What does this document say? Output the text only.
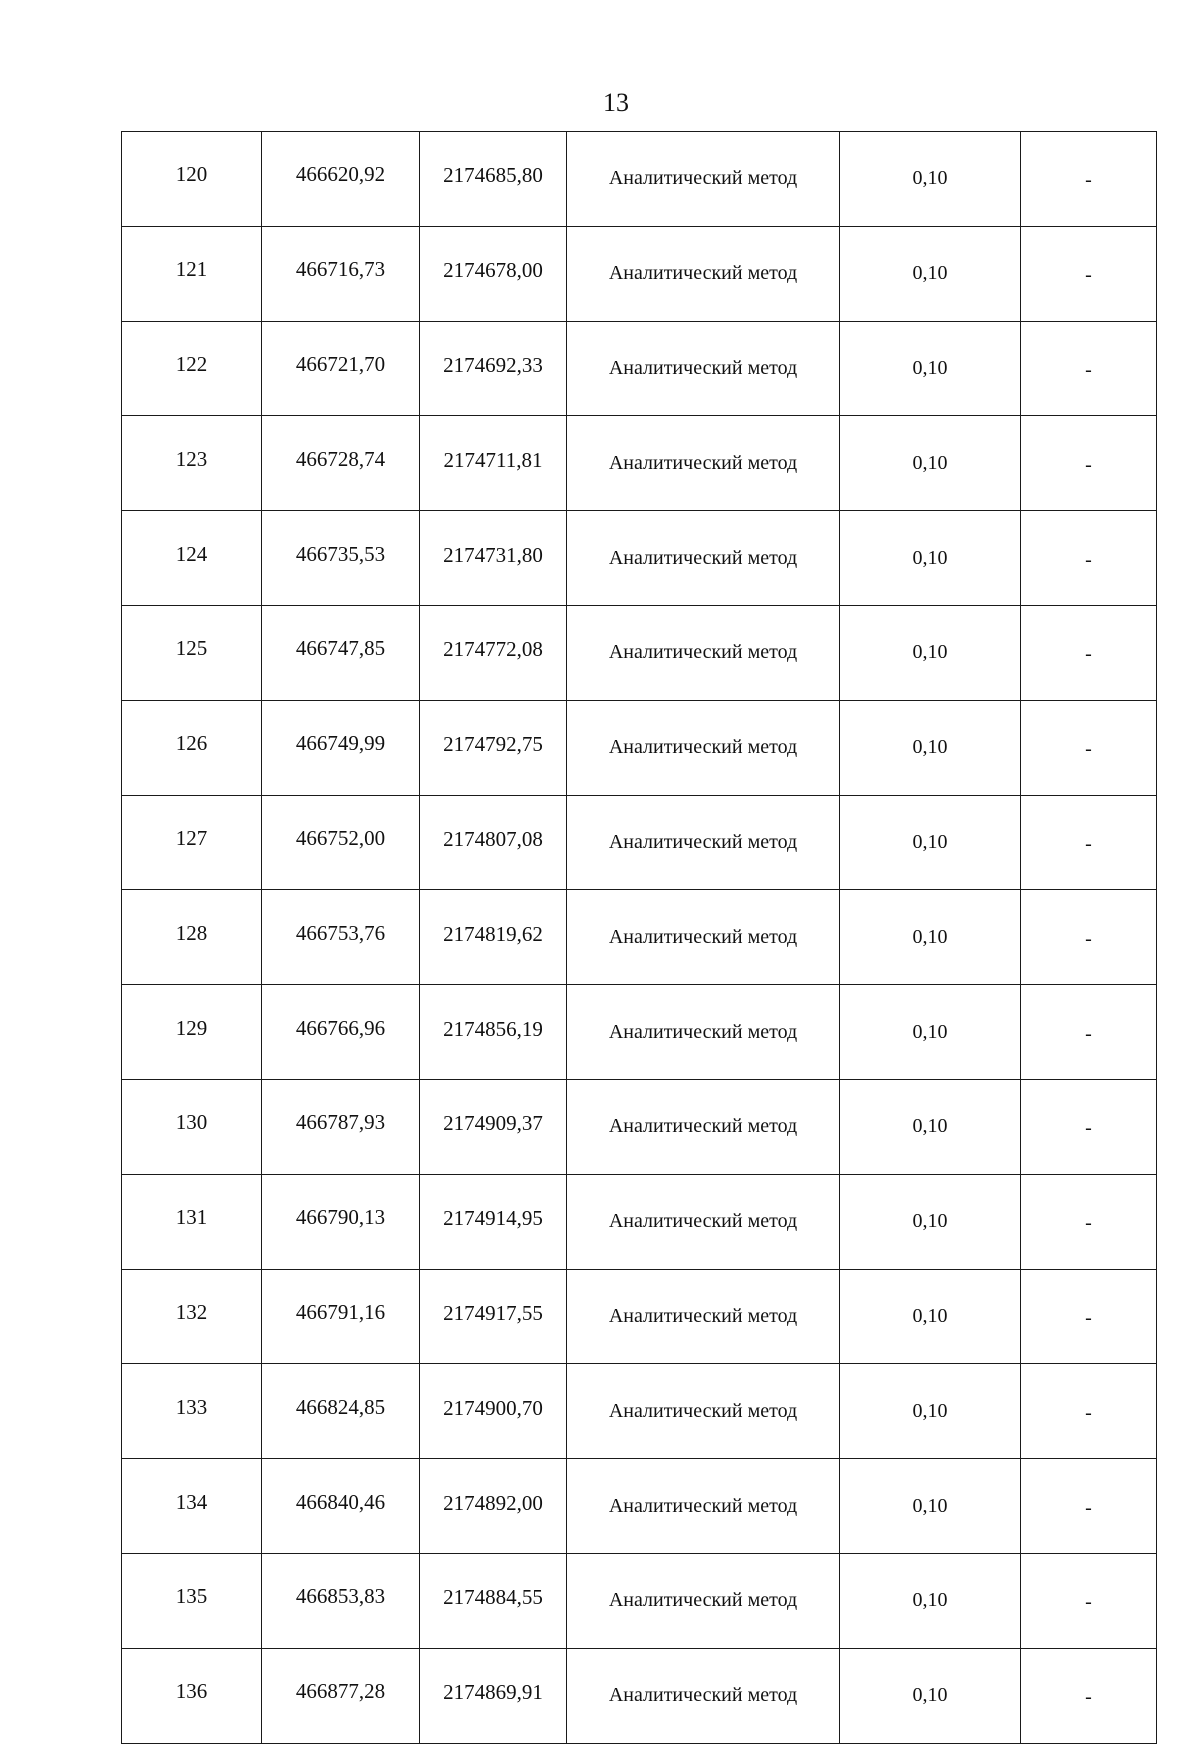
13
120	466620,92	2174685,80	Аналитический метод	0,10	-
121	466716,73	2174678,00	Аналитический метод	0,10	-
122	466721,70	2174692,33	Аналитический метод	0,10	-
123	466728,74	2174711,81	Аналитический метод	0,10	-
124	466735,53	2174731,80	Аналитический метод	0,10	-
125	466747,85	2174772,08	Аналитический метод	0,10	-
126	466749,99	2174792,75	Аналитический метод	0,10	-
127	466752,00	2174807,08	Аналитический метод	0,10	-
128	466753,76	2174819,62	Аналитический метод	0,10	-
129	466766,96	2174856,19	Аналитический метод	0,10	-
130	466787,93	2174909,37	Аналитический метод	0,10	-
131	466790,13	2174914,95	Аналитический метод	0,10	-
132	466791,16	2174917,55	Аналитический метод	0,10	-
133	466824,85	2174900,70	Аналитический метод	0,10	-
134	466840,46	2174892,00	Аналитический метод	0,10	-
135	466853,83	2174884,55	Аналитический метод	0,10	-
136	466877,28	2174869,91	Аналитический метод	0,10	-
